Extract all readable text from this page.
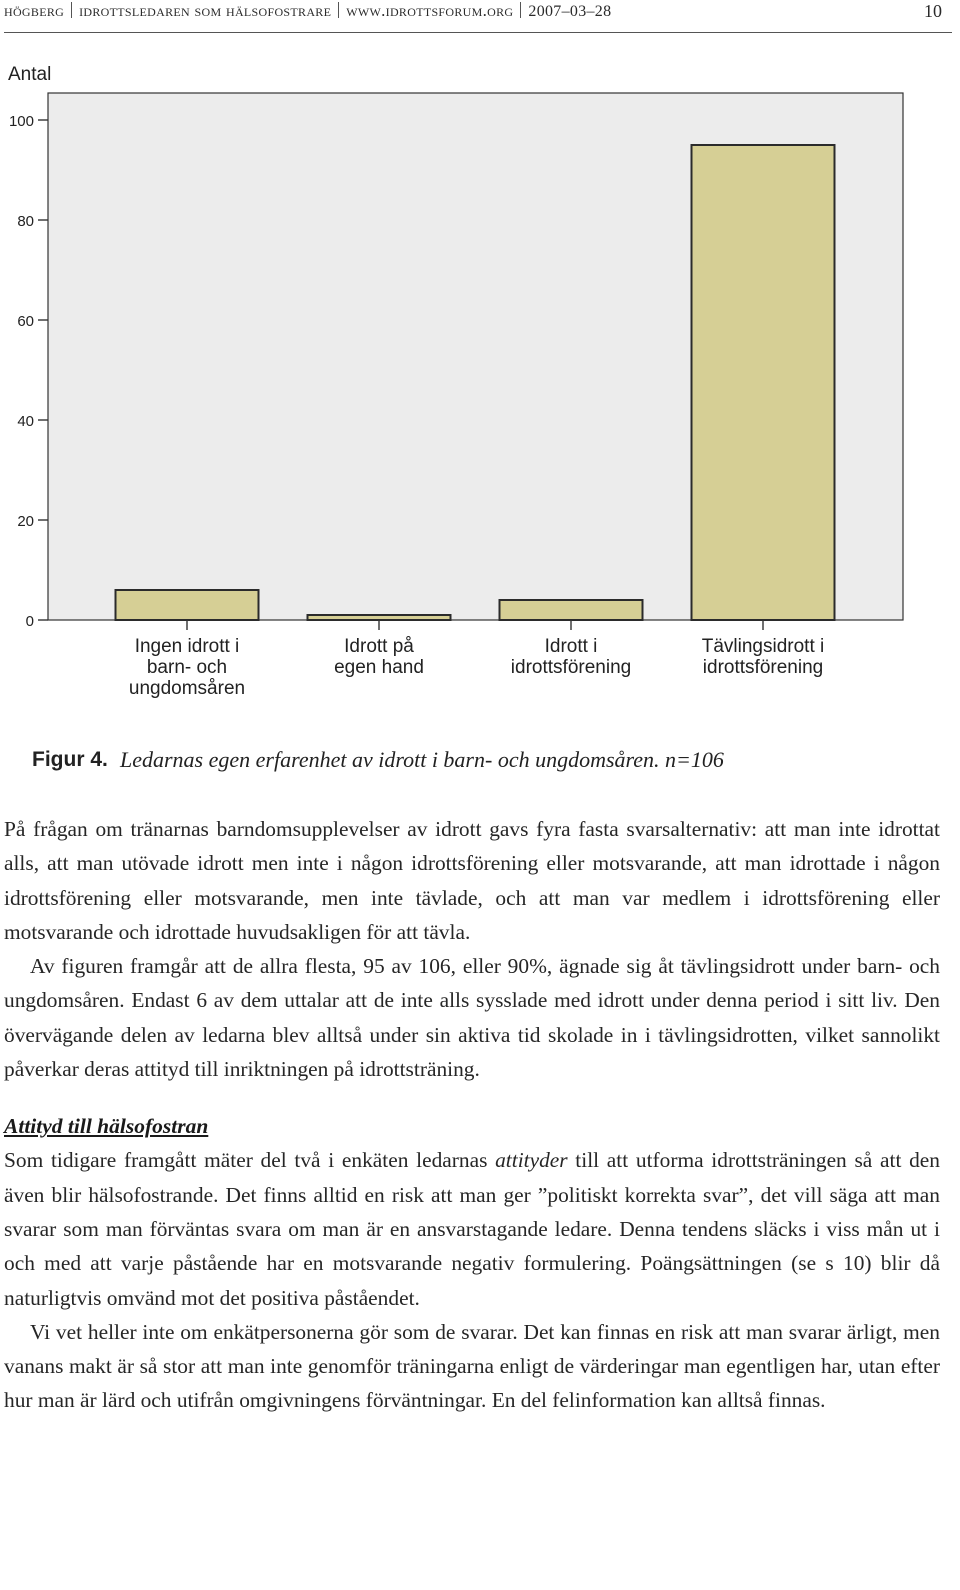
högberg idrottsledaren som hälsofostrare www.idrottsforum.org 2007–03–28	10
Antal
0
20
40
60
80
100
Ingen idrott i
barn- och
ungdomsåren
Idrott på
egen hand
Idrott i
idrottsförening
Tävlingsidrott i
idrottsförening
Figur 4. Ledarnas egen erfarenhet av idrott i barn- och ungdomsåren. n=106

På frågan om tränarnas barndomsupplevelser av idrott gavs fyra fasta svarsalternativ: att man inte idrottat alls, att man utövade idrott men inte i någon idrottsförening eller motsvarande, att man idrottade i någon idrottsförening eller motsvarande, men inte tävlade, och att man var medlem i idrottsförening eller motsvarande och idrottade huvudsakligen för att tävla.

Av figuren framgår att de allra flesta, 95 av 106, eller 90%, ägnade sig åt tävlingsidrott under barn- och ungdomsåren. Endast 6 av dem uttalar att de inte alls sysslade med idrott under denna period i sitt liv. Den övervägande delen av ledarna blev alltså under sin aktiva tid skolade in i tävlingsidrotten, vilket sannolikt påverkar deras attityd till inriktningen på idrottsträning.

Attityd till hälsofostran

Som tidigare framgått mäter del två i enkäten ledarnas attityder till att utforma idrottsträningen så att den även blir hälsofostrande. Det finns alltid en risk att man ger ”politiskt korrekta svar”, det vill säga att man svarar som man förväntas svara om man är en ansvarstagande ledare. Denna tendens släcks i viss mån ut i och med att varje påstående har en motsvarande negativ formulering. Poängsättningen (se s 10) blir då naturligtvis omvänd mot det positiva påståendet.

Vi vet heller inte om enkätpersonerna gör som de svarar. Det kan finnas en risk att man svarar ärligt, men vanans makt är så stor att man inte genomför träningarna enligt de värderingar man egentligen har, utan efter hur man är lärd och utifrån omgivningens förväntningar. En del felinformation kan alltså finnas.
